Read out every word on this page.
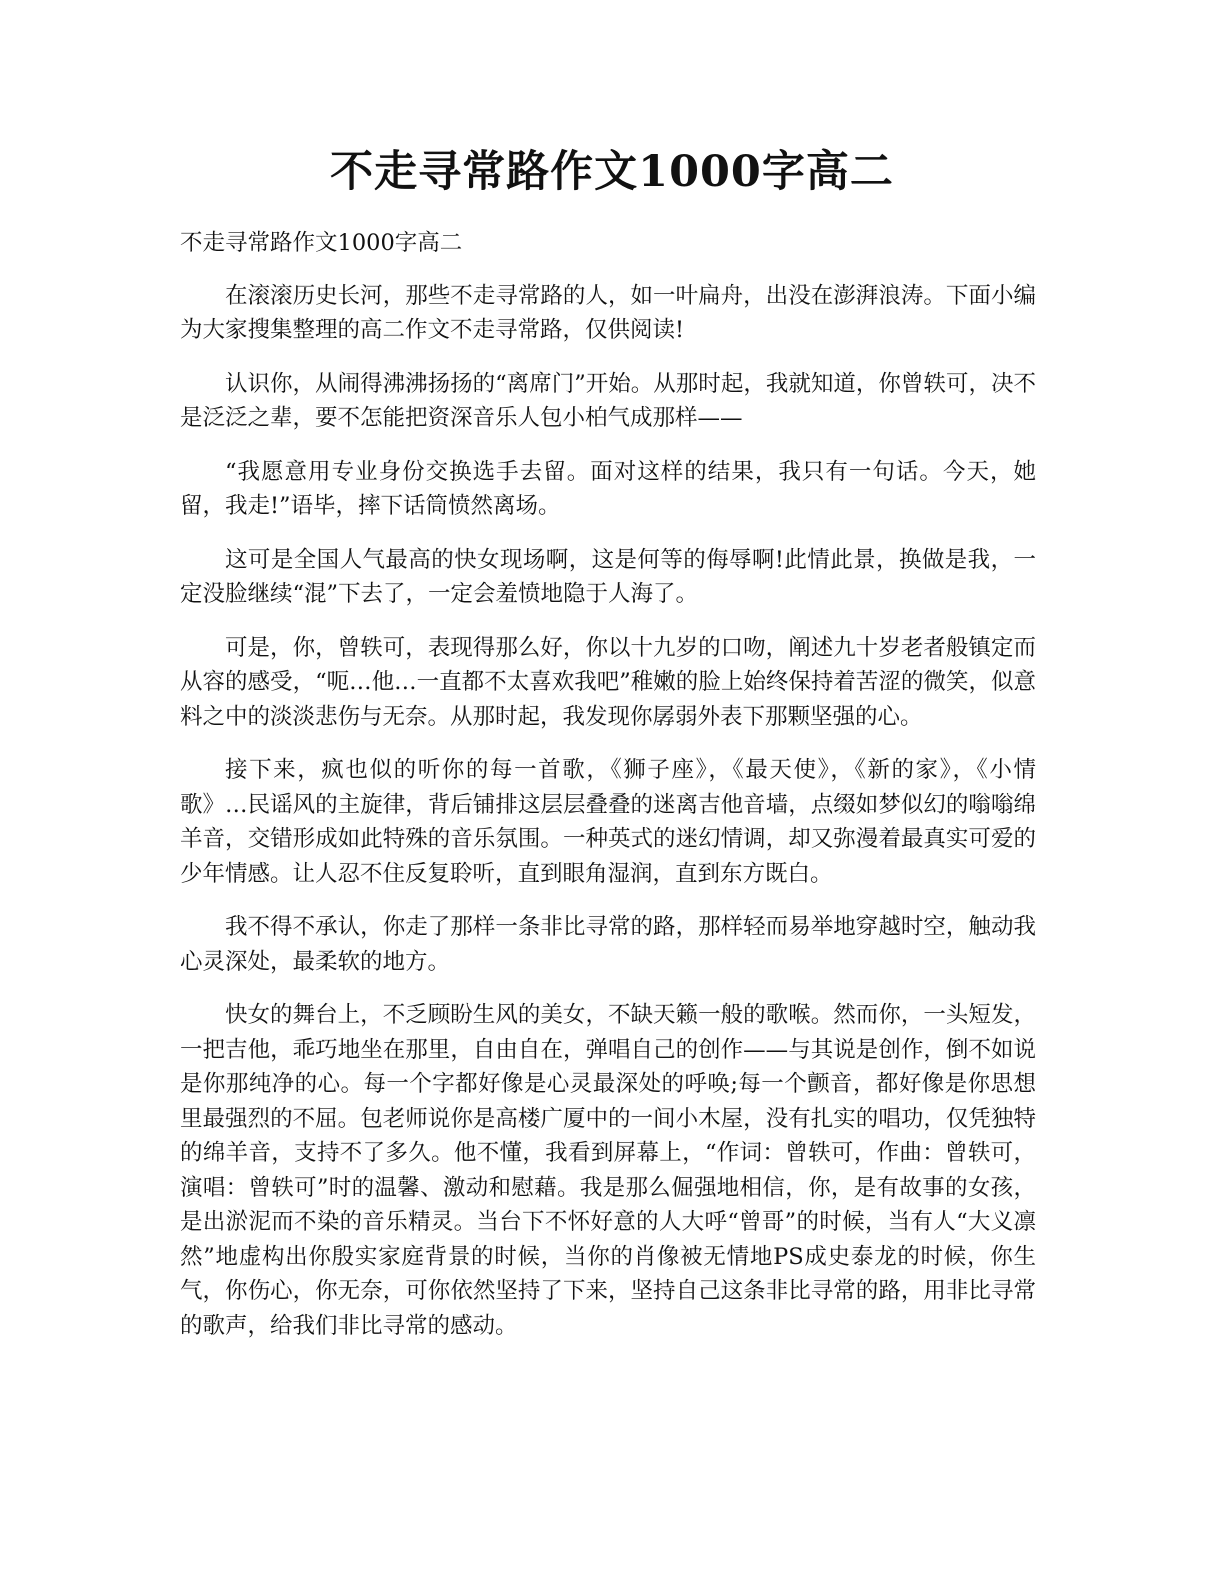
不走寻常路作文1000字高二

不走寻常路作文1000字高二

在滚滚历史长河，那些不走寻常路的人，如一叶扁舟，出没在澎湃浪涛。下面小编为大家搜集整理的高二作文不走寻常路，仅供阅读!

认识你，从闹得沸沸扬扬的“离席门”开始。从那时起，我就知道，你曾轶可，决不是泛泛之辈，要不怎能把资深音乐人包小柏气成那样——

“我愿意用专业身份交换选手去留。面对这样的结果，我只有一句话。今天，她留，我走!”语毕，摔下话筒愤然离场。

这可是全国人气最高的快女现场啊，这是何等的侮辱啊!此情此景，换做是我，一定没脸继续“混”下去了，一定会羞愤地隐于人海了。

可是，你，曾轶可，表现得那么好，你以十九岁的口吻，阐述九十岁老者般镇定而从容的感受，“呃…他…一直都不太喜欢我吧”稚嫩的脸上始终保持着苦涩的微笑，似意料之中的淡淡悲伤与无奈。从那时起，我发现你孱弱外表下那颗坚强的心。

接下来，疯也似的听你的每一首歌，《狮子座》，《最天使》，《新的家》，《小情歌》…民谣风的主旋律，背后铺排这层层叠叠的迷离吉他音墙，点缀如梦似幻的嗡嗡绵羊音，交错形成如此特殊的音乐氛围。一种英式的迷幻情调，却又弥漫着最真实可爱的少年情感。让人忍不住反复聆听，直到眼角湿润，直到东方既白。

我不得不承认，你走了那样一条非比寻常的路，那样轻而易举地穿越时空，触动我心灵深处，最柔软的地方。

快女的舞台上，不乏顾盼生风的美女，不缺天籁一般的歌喉。然而你，一头短发，一把吉他，乖巧地坐在那里，自由自在，弹唱自己的创作——与其说是创作，倒不如说是你那纯净的心。每一个字都好像是心灵最深处的呼唤;每一个颤音，都好像是你思想里最强烈的不屈。包老师说你是高楼广厦中的一间小木屋，没有扎实的唱功，仅凭独特的绵羊音，支持不了多久。他不懂，我看到屏幕上，“作词：曾轶可，作曲：曾轶可，演唱：曾轶可”时的温馨、激动和慰藉。我是那么倔强地相信，你，是有故事的女孩，是出淤泥而不染的音乐精灵。当台下不怀好意的人大呼“曾哥”的时候，当有人“大义凛然”地虚构出你殷实家庭背景的时候，当你的肖像被无情地PS成史泰龙的时候，你生气，你伤心，你无奈，可你依然坚持了下来，坚持自己这条非比寻常的路，用非比寻常的歌声，给我们非比寻常的感动。
